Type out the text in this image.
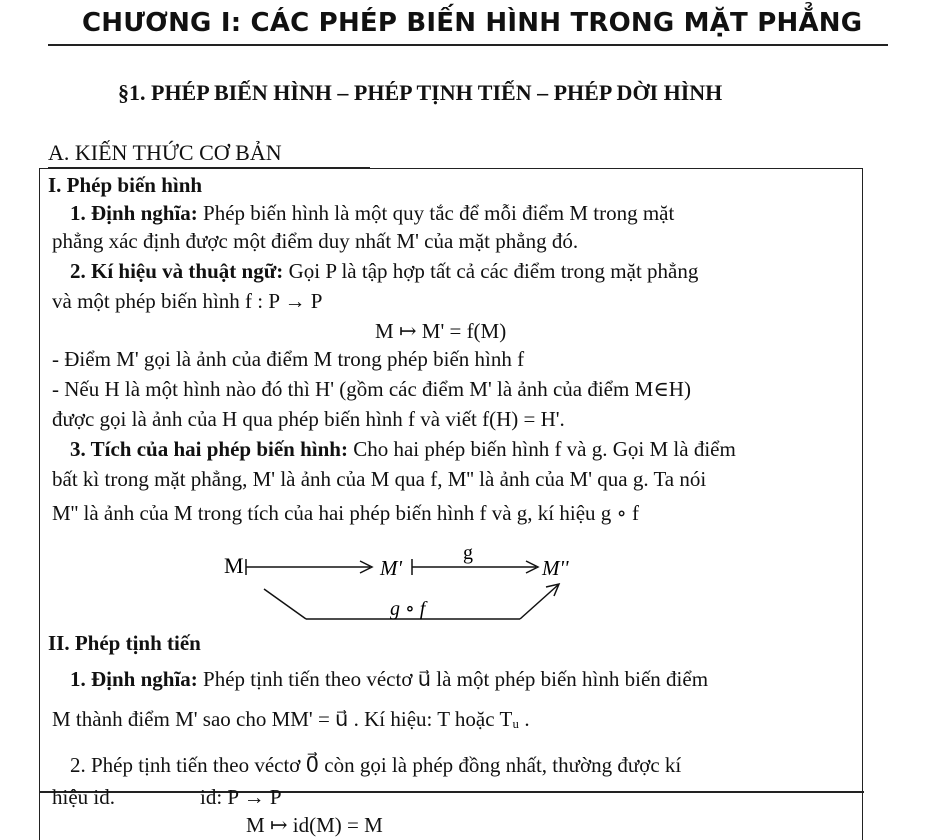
CHƯƠNG I: CÁC PHÉP BIẾN HÌNH TRONG MẶT PHẲNG
§1. PHÉP BIẾN HÌNH – PHÉP TỊNH TIẾN – PHÉP DỜI HÌNH
A. KIẾN THỨC CƠ BẢN
I. Phép biến hình
1. Định nghĩa: Phép biến hình là một quy tắc để mỗi điểm M trong mặt
phẳng xác định được một điểm duy nhất M' của mặt phẳng đó.
2. Kí hiệu và thuật ngữ: Gọi P là tập hợp tất cả các điểm trong mặt phẳng
và một phép biến hình f : P → P
M ↦ M' = f(M)
- Điểm M' gọi là ảnh của điểm M trong phép biến hình f
- Nếu H là một hình nào đó thì H' (gồm các điểm M' là ảnh của điểm M∈H)
được gọi là ảnh của H qua phép biến hình f và viết f(H) = H'.
3. Tích của hai phép biến hình: Cho hai phép biến hình f và g. Gọi M là điểm
bất kì trong mặt phẳng, M' là ảnh của M qua f, M'' là ảnh của M' qua g. Ta nói
M'' là ảnh của M trong tích của hai phép biến hình f và g, kí hiệu g ∘ f
M	M'
g
M''
g ∘ f
II. Phép tịnh tiến
1. Định nghĩa: Phép tịnh tiến theo véctơ u⃗ là một phép biến hình biến điểm
M thành điểm M' sao cho MM' = u⃗ . Kí hiệu: T hoặc Tᵤ .
2. Phép tịnh tiến theo véctơ 0⃗ còn gọi là phép đồng nhất, thường được kí
hiệu id.	id: P → P
M ↦ id(M) = M
